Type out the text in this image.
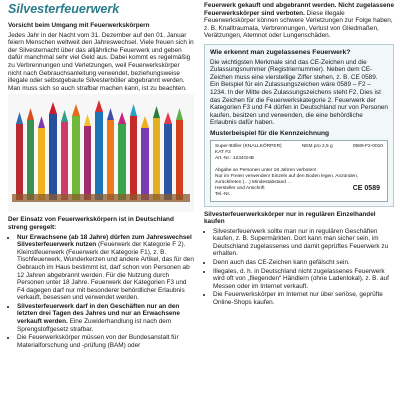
Silvesterfeuerwerk

Vorsicht beim Umgang mit Feuerwerkskörpern

Jedes Jahr in der Nacht vom 31. Dezember auf den 01. Januar feiern Menschen weltweit den Jahreswechsel. Viele freuen sich in der Silvesternacht über das alljährliche Feuerwerk und geben dafür manchmal sehr viel Geld aus. Dabei kommt es regelmäßig zu Verbrennungen und Verletzungen, weil Feuerwerkskörper nicht nach Gebrauchsanleitung verwendet, beziehungsweise illegale oder selbstgebaute Silvesterböller abgebrannt werden. Man muss sich so auch strafbar machen kann, ist zu beachten.

Der Einsatz von Feuerwerkskörpern ist in Deutschland streng geregelt:

• Nur Erwachsene (ab 18 Jahre) dürfen zum Jahreswechsel Silvesterfeuerwerk nutzen (Feuerwerk der Kategorie F 2). Kleinstfeuerwerk (Feuerwerk der Kategorie F1), z. B. Tischfeuerwerk, Wunderkerzen und andere Artikel, das für den Gebrauch im Haus bestimmt ist, darf schon von Personen ab 12 Jahren abgebrannt werden. Für die Nutzung durch Personen unter 18 Jahre. Feuerwerk der Kategorien F3 und F4 dagegen darf nur mit besonderer behördlicher Erlaubnis verkauft, besessen und verwendet werden.
• Silvesterfeuerwerk darf in den Geschäften nur an den letzten drei Tagen des Jahres und nur an Erwachsene verkauft werden. Eine Zuwiderhandlung ist nach dem Sprengstoffgesetz strafbar.
• Die Feuerwerkskörper müssen von der Bundesanstalt für Materialforschung und -prüfung (BAM) oder

Feuerwerk gekauft und abgebrannt werden. Nicht zugelassene Feuerwerkskörper sind verboten. Diese illegale Feuerwerkskörper können schwere Verletzungen zur Folge haben, z. B. Knalltraumata, Verbrennungen, Verlust von Gliedmaßen, Verätzungen, Atemnot oder Lungenschäden.

Wie erkennt man zugelassenes Feuerwerk?
Die wichtigsten Merkmale sind das CE-Zeichen und die Zulassungsnummer (Registriernummer). Neben dem CE-Zeichen muss eine vierstellige Ziffer stehen, z. B. CE 0589. Ein Beispiel für ein Zulassungszeichen wäre 0589 – F2 – 1234. In der Mitte des Zulassungszeichens steht F2. Dies ist das Zeichen für die Feuerwerkskategorie 2. Feuerwerk der Kategorien F3 und F4 dürfen in Deutschland nur von Personen kaufen, besitzen und verwenden, die eine behördliche Erlaubnis dafür haben.
Musterbeispiel für die Kennzeichnung
Super-Böller (KNALLKÖRPER)	NEM pro 2,5 g	0589-F2-0010
KAT F2
Art.-Nr.: 1234GHB
Abgabe an Personen unter 18 Jahren verboten!
Nur im Freien verwenden! Einzeln auf den Boden legen. Anzünden, zurücktreten (…) Mindestabstand …
Hersteller und Anschrift	CE 0589
Tel.-Nr.

Silvesterfeuerwerkskörper nur in regulären Einzelhandel kaufen

• Silvesterfeuerwerk sollte man nur in regulären Geschäften kaufen, z. B. Supermärkten. Dort kann man sicher sein, im Deutschland zugelassenes und damit geprüftes Feuerwerk zu erhalten.
• Denn auch das CE-Zeichen kann gefälscht sein.
• Illegales, d. h. in Deutschland nicht zugelassenes Feuerwerk wird oft von „fliegenden“ Händlern (ohne Ladenlokal), z. B. auf Messen oder im Internet verkauft.
• Die Feuerwerkskörper im Internet nur über seriöse, geprüfte Online-Shops kaufen.
